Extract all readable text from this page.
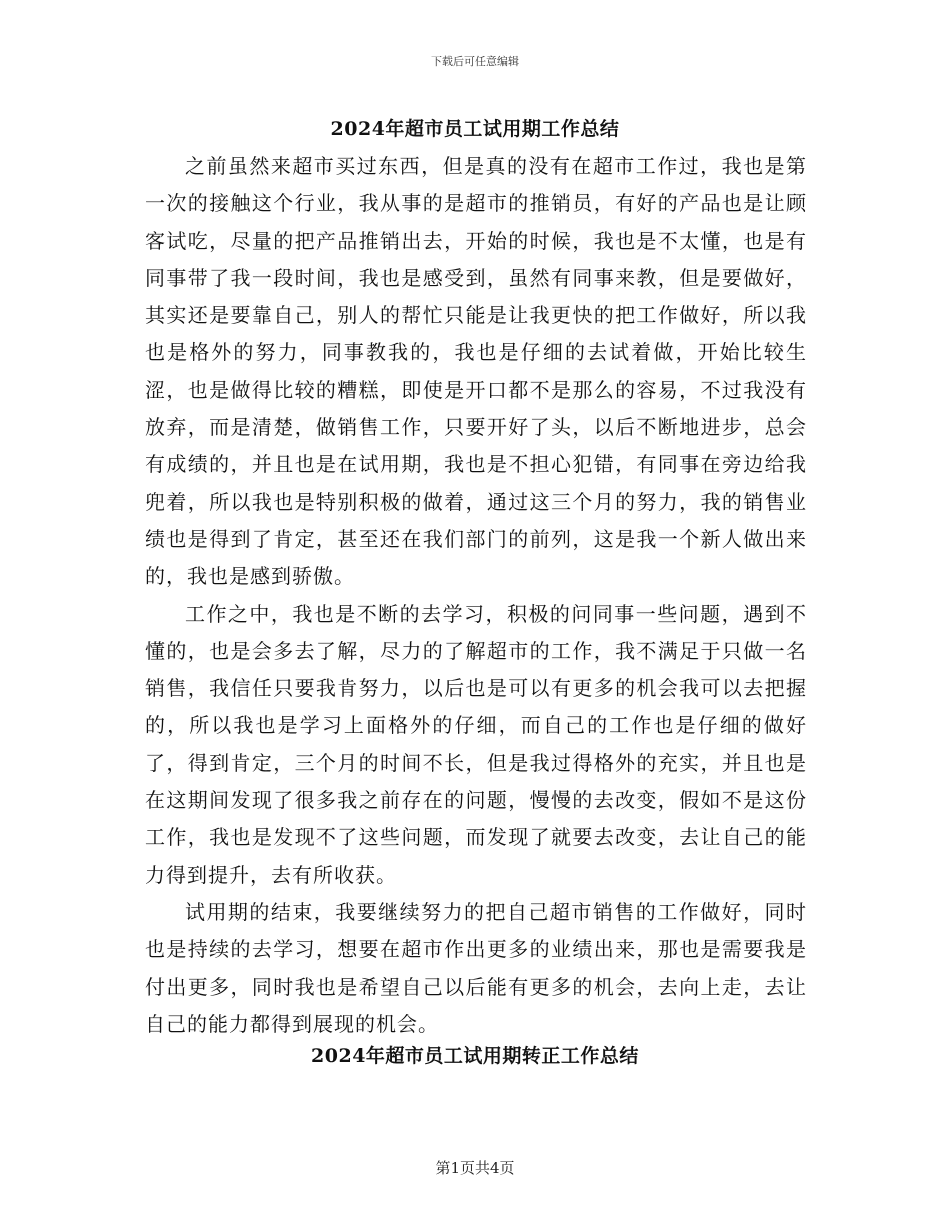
下载后可任意编辑
2024年超市员工试用期工作总结

之前虽然来超市买过东西，但是真的没有在超市工作过，我也是第一次的接触这个行业，我从事的是超市的推销员，有好的产品也是让顾客试吃，尽量的把产品推销出去，开始的时候，我也是不太懂，也是有同事带了我一段时间，我也是感受到，虽然有同事来教，但是要做好，其实还是要靠自己，别人的帮忙只能是让我更快的把工作做好，所以我也是格外的努力，同事教我的，我也是仔细的去试着做，开始比较生涩，也是做得比较的糟糕，即使是开口都不是那么的容易，不过我没有放弃，而是清楚，做销售工作，只要开好了头，以后不断地进步，总会有成绩的，并且也是在试用期，我也是不担心犯错，有同事在旁边给我兜着，所以我也是特别积极的做着，通过这三个月的努力，我的销售业绩也是得到了肯定，甚至还在我们部门的前列，这是我一个新人做出来的，我也是感到骄傲。

工作之中，我也是不断的去学习，积极的问同事一些问题，遇到不懂的，也是会多去了解，尽力的了解超市的工作，我不满足于只做一名销售，我信任只要我肯努力，以后也是可以有更多的机会我可以去把握的，所以我也是学习上面格外的仔细，而自己的工作也是仔细的做好了，得到肯定，三个月的时间不长，但是我过得格外的充实，并且也是在这期间发现了很多我之前存在的问题，慢慢的去改变，假如不是这份工作，我也是发现不了这些问题，而发现了就要去改变，去让自己的能力得到提升，去有所收获。

试用期的结束，我要继续努力的把自己超市销售的工作做好，同时也是持续的去学习，想要在超市作出更多的业绩出来，那也是需要我是付出更多，同时我也是希望自己以后能有更多的机会，去向上走，去让自己的能力都得到展现的机会。

2024年超市员工试用期转正工作总结
第1页共4页
